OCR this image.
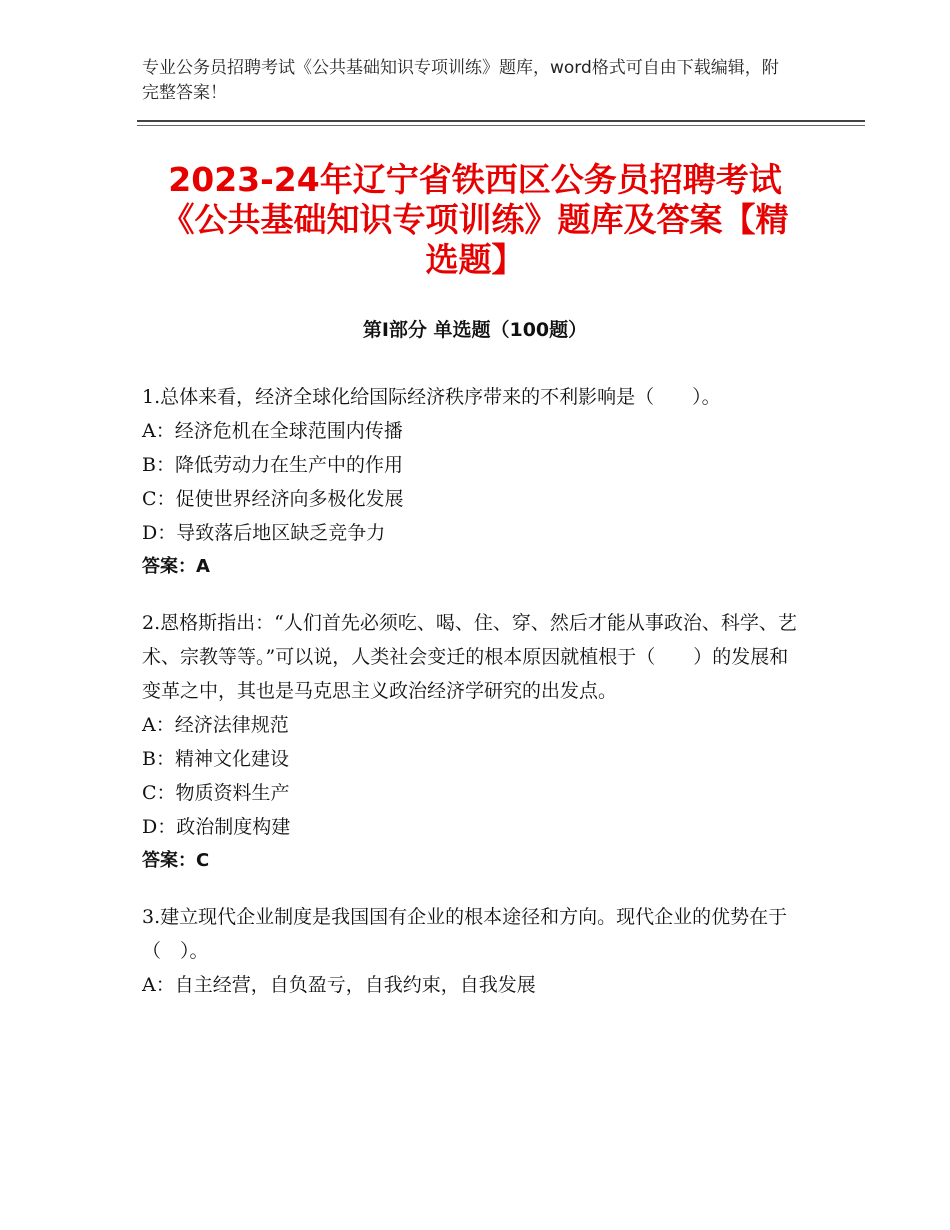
专业公务员招聘考试《公共基础知识专项训练》题库，word格式可自由下载编辑，附完整答案！
2023-24年辽宁省铁西区公务员招聘考试
《公共基础知识专项训练》题库及答案【精
选题】
第Ⅰ部分 单选题（100题）
1.总体来看，经济全球化给国际经济秩序带来的不利影响是（　　）。
A：经济危机在全球范围内传播
B：降低劳动力在生产中的作用
C：促使世界经济向多极化发展
D：导致落后地区缺乏竞争力
答案：A
2.恩格斯指出：“人们首先必须吃、喝、住、穿、然后才能从事政治、科学、艺术、宗教等等。”可以说，人类社会变迁的根本原因就植根于（　　）的发展和变革之中，其也是马克思主义政治经济学研究的出发点。
A：经济法律规范
B：精神文化建设
C：物质资料生产
D：政治制度构建
答案：C
3.建立现代企业制度是我国国有企业的根本途径和方向。现代企业的优势在于（　）。
A：自主经营，自负盈亏，自我约束，自我发展
